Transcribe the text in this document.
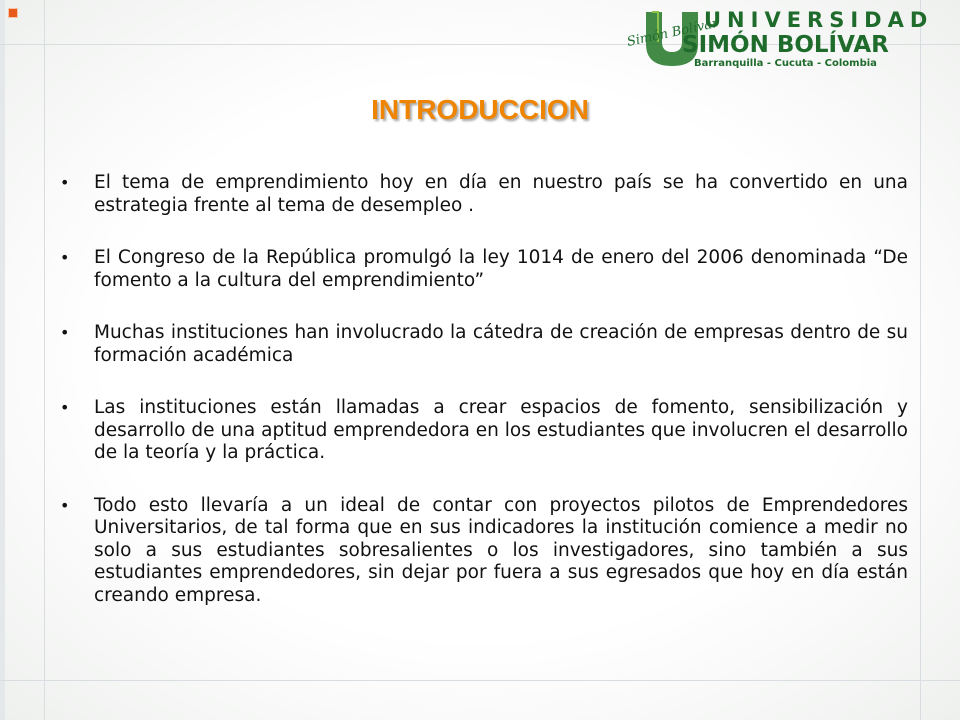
Simón Bolívar
UNIVERSIDAD
SIMÓN BOLÍVAR
Barranquilla - Cucuta - Colombia
INTRODUCCION
• El tema de emprendimiento hoy en día en nuestro país se ha convertido en una estrategia frente al tema de desempleo .
• El Congreso de la República promulgó la ley 1014 de enero del 2006 denominada “De fomento a la cultura del emprendimiento”
• Muchas instituciones han involucrado la cátedra de creación de empresas dentro de su formación académica
• Las instituciones están llamadas a crear espacios de fomento, sensibilización y desarrollo de una aptitud emprendedora en los estudiantes que involucren el desarrollo de la teoría y la práctica.
• Todo esto llevaría a un ideal de contar con proyectos pilotos de Emprendedores Universitarios, de tal forma que en sus indicadores la institución comience a medir no solo a sus estudiantes sobresalientes o los investigadores, sino también a sus estudiantes emprendedores, sin dejar por fuera a sus egresados que hoy en día están creando empresa.
